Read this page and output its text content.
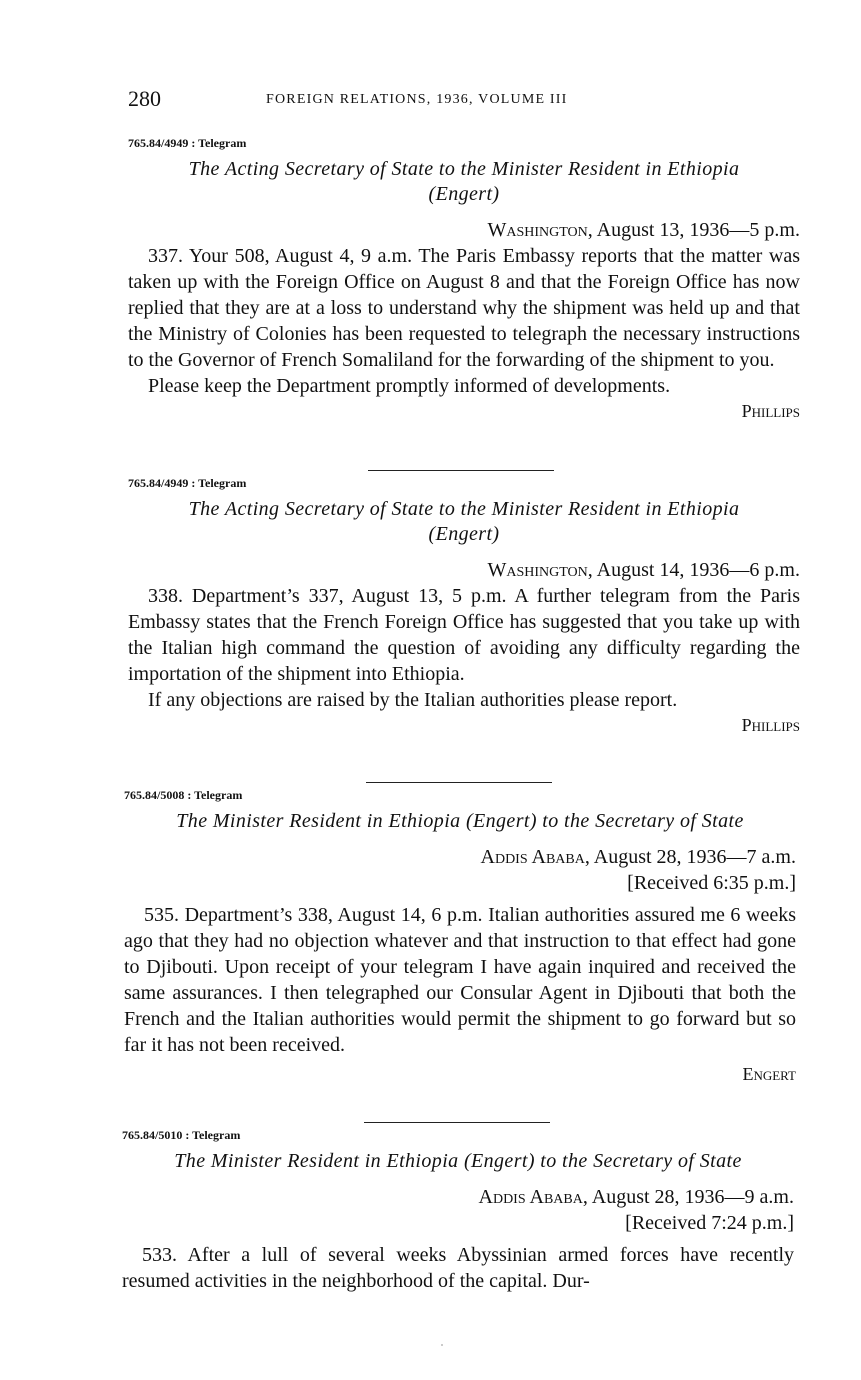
280	FOREIGN RELATIONS, 1936, VOLUME III
765.84/4949 : Telegram
The Acting Secretary of State to the Minister Resident in Ethiopia
(Engert)
Washington, August 13, 1936—5 p.m.

337. Your 508, August 4, 9 a.m. The Paris Embassy reports that the matter was taken up with the Foreign Office on August 8 and that the Foreign Office has now replied that they are at a loss to understand why the shipment was held up and that the Ministry of Colonies has been requested to telegraph the necessary instructions to the Governor of French Somaliland for the forwarding of the shipment to you.

Please keep the Department promptly informed of developments.

Phillips
765.84/4949 : Telegram
The Acting Secretary of State to the Minister Resident in Ethiopia
(Engert)
Washington, August 14, 1936—6 p.m.

338. Department’s 337, August 13, 5 p.m. A further telegram from the Paris Embassy states that the French Foreign Office has suggested that you take up with the Italian high command the question of avoiding any difficulty regarding the importation of the shipment into Ethiopia.

If any objections are raised by the Italian authorities please report.

Phillips
765.84/5008 : Telegram
The Minister Resident in Ethiopia (Engert) to the Secretary of State
Addis Ababa, August 28, 1936—7 a.m.
[Received 6:35 p.m.]

535. Department’s 338, August 14, 6 p.m. Italian authorities assured me 6 weeks ago that they had no objection whatever and that instruction to that effect had gone to Djibouti. Upon receipt of your telegram I have again inquired and received the same assurances. I then telegraphed our Consular Agent in Djibouti that both the French and the Italian authorities would permit the shipment to go forward but so far it has not been received.

Engert
765.84/5010 : Telegram
The Minister Resident in Ethiopia (Engert) to the Secretary of State
Addis Ababa, August 28, 1936—9 a.m.
[Received 7:24 p.m.]

533. After a lull of several weeks Abyssinian armed forces have recently resumed activities in the neighborhood of the capital. Dur-
